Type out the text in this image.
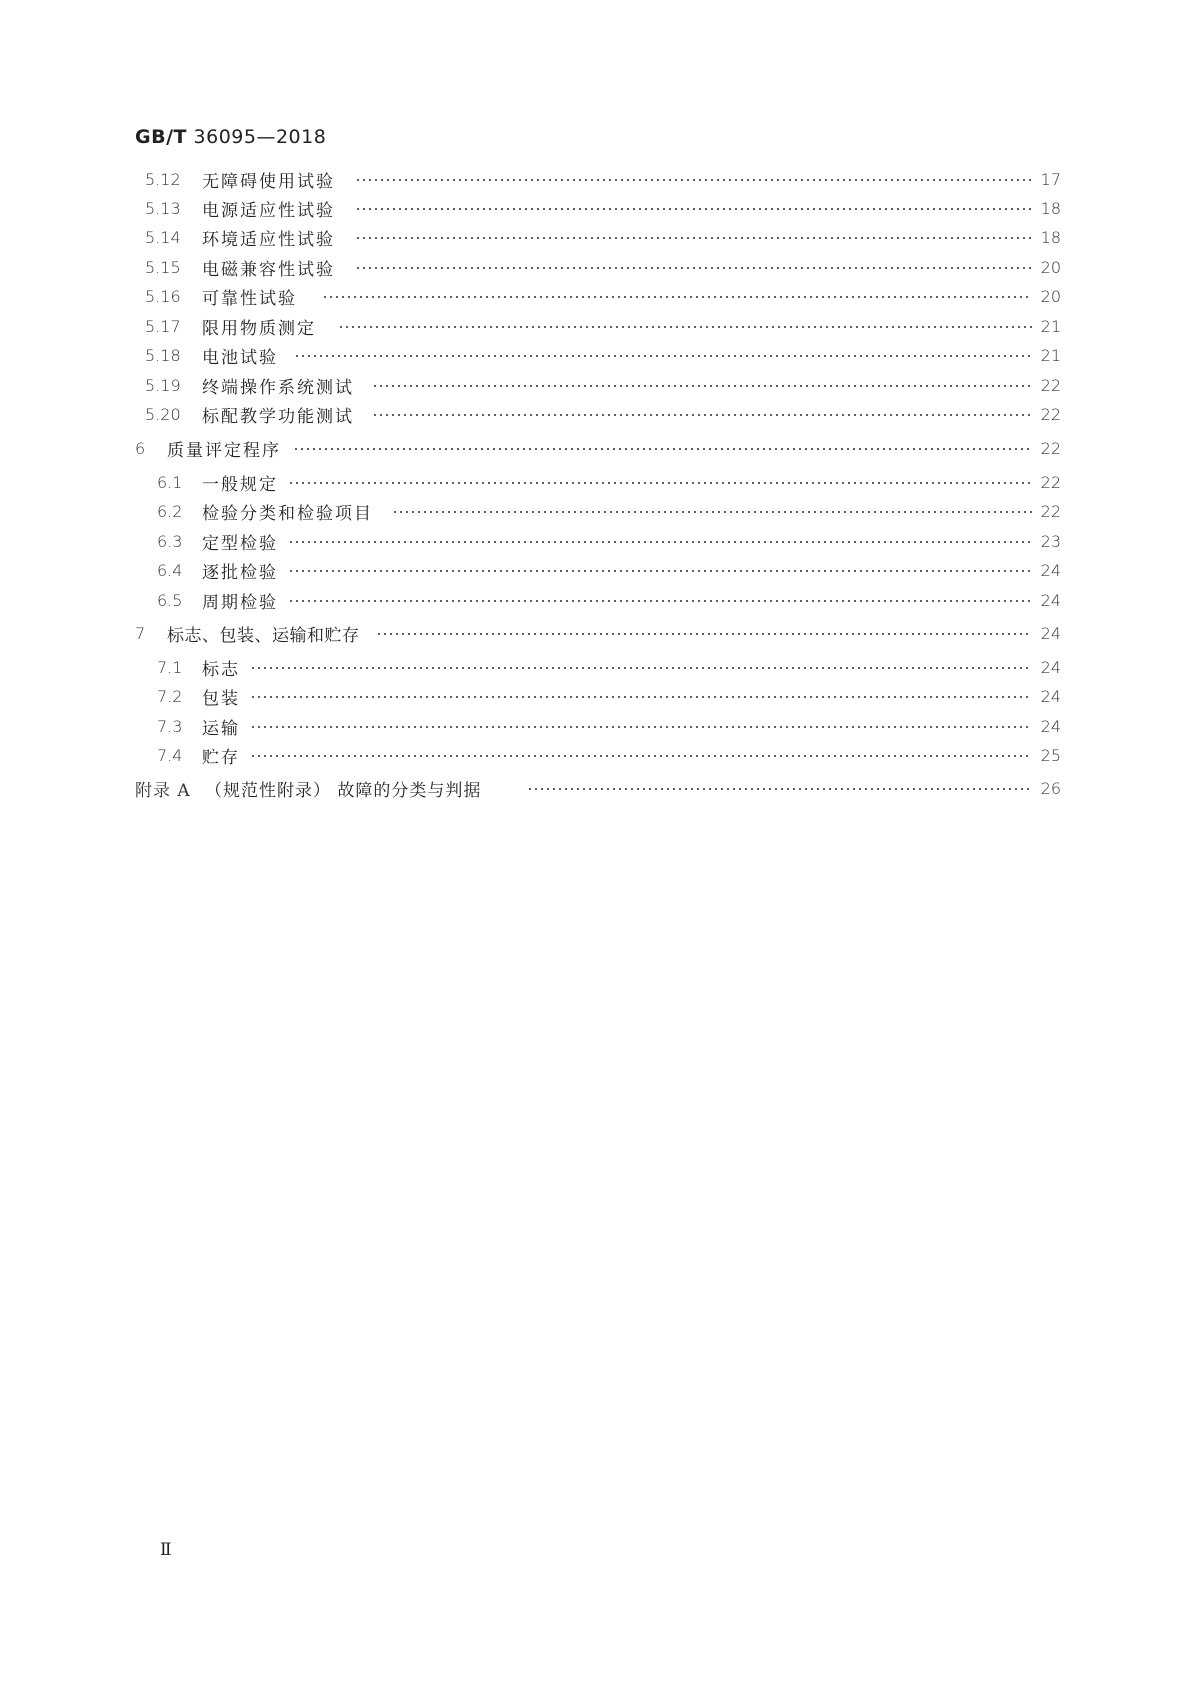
GB/T 36095—2018
5.12 无障碍使用试验	17
5.13 电源适应性试验	18
5.14 环境适应性试验	18
5.15 电磁兼容性试验	20
5.16 可靠性试验	20
5.17 限用物质测定	21
5.18 电池试验	21
5.19 终端操作系统测试	22
5.20 标配教学功能测试	22
6 质量评定程序	22
6.1 一般规定	22
6.2 检验分类和检验项目	22
6.3 定型检验	23
6.4 逐批检验	24
6.5 周期检验	24
7 标志、包装、运输和贮存	24
7.1 标志	24
7.2 包装	24
7.3 运输	24
7.4 贮存	25
附录 A （规范性附录） 故障的分类与判据	26
Ⅱ
